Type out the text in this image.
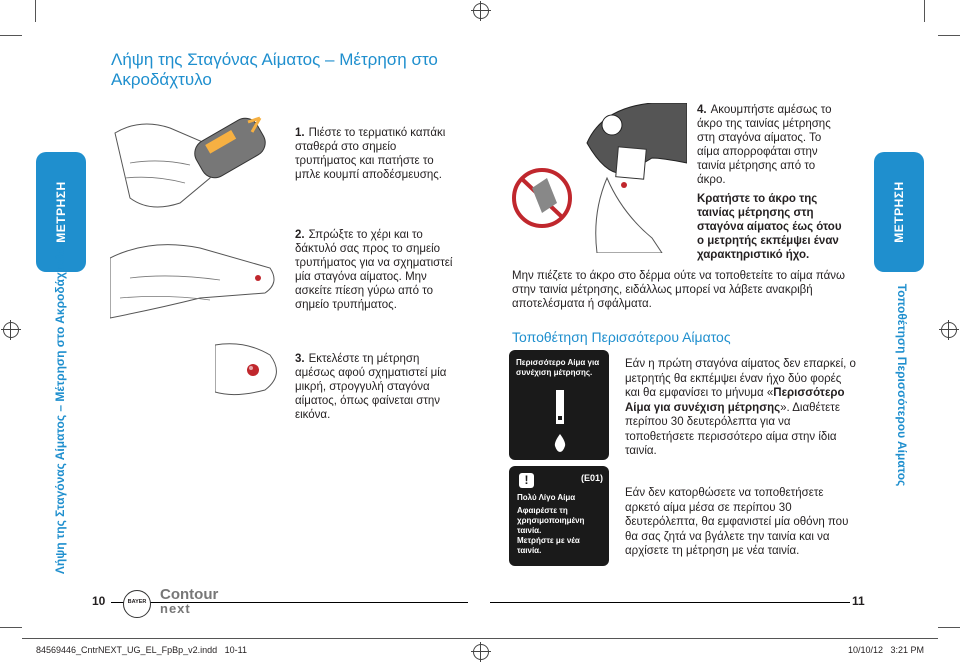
Λήψη της Σταγόνας Αίματος – Μέτρηση στο Ακροδάχτυλο
ΜΕΤΡΗΣΗ
Λήψη της Σταγόνας Αίματος – Μέτρηση στο Ακροδάχτυλο
ΜΕΤΡΗΣΗ
Τοποθέτηση Περισσότερου Αίματος
1. Πιέστε το τερματικό καπάκι σταθερά στο σημείο τρυπήματος και πατήστε το μπλε κουμπί αποδέσμευσης.
2. Σπρώξτε το χέρι και το δάκτυλό σας προς το σημείο τρυπήματος για να σχηματιστεί μία σταγόνα αίματος. Μην ασκείτε πίεση γύρω από το σημείο τρυπήματος.
3. Εκτελέστε τη μέτρηση αμέσως αφού σχηματιστεί μία μικρή, στρογγυλή σταγόνα αίματος, όπως φαίνεται στην εικόνα.
4. Ακουμπήστε αμέσως το άκρο της ταινίας μέτρησης στη σταγόνα αίματος. Το αίμα απορροφάται στην ταινία μέτρησης από το άκρο.
Κρατήστε το άκρο της ταινίας μέτρησης στη σταγόνα αίματος έως ότου ο μετρητής εκπέμψει έναν χαρακτηριστικό ήχο.
Μην πιέζετε το άκρο στο δέρμα ούτε να τοποθετείτε το αίμα πάνω στην ταινία μέτρησης, ειδάλλως μπορεί να λάβετε ανακριβή αποτελέσματα ή σφάλματα.
Τοποθέτηση Περισσότερου Αίματος
Περισσότερο Αίμα για συνέχιση μέτρησης.
!	(E01)
Πολύ Λίγο Αίμα
Αφαιρέστε τη
χρησιμοποιημένη
ταινία.
Μετρήστε με νέα
ταινία.
Εάν η πρώτη σταγόνα αίματος δεν επαρκεί, ο μετρητής θα εκπέμψει έναν ήχο δύο φορές και θα εμφανίσει το μήνυμα «Περισσότερο Αίμα για συνέχιση μέτρησης». Διαθέτετε περίπου 30 δευτερόλεπτα για να τοποθετήσετε περισσότερο αίμα στην ίδια ταινία.
Εάν δεν κατορθώσετε να τοποθετήσετε αρκετό αίμα μέσα σε περίπου 30 δευτερόλεπτα, θα εμφανιστεί μία οθόνη που θα σας ζητά να βγάλετε την ταινία και να αρχίσετε τη μέτρηση με νέα ταινία.
10	11
BAYER Contour
next
84569446_CntrNEXT_UG_EL_FpBp_v2.indd   10-11	10/10/12   3:21 PM
